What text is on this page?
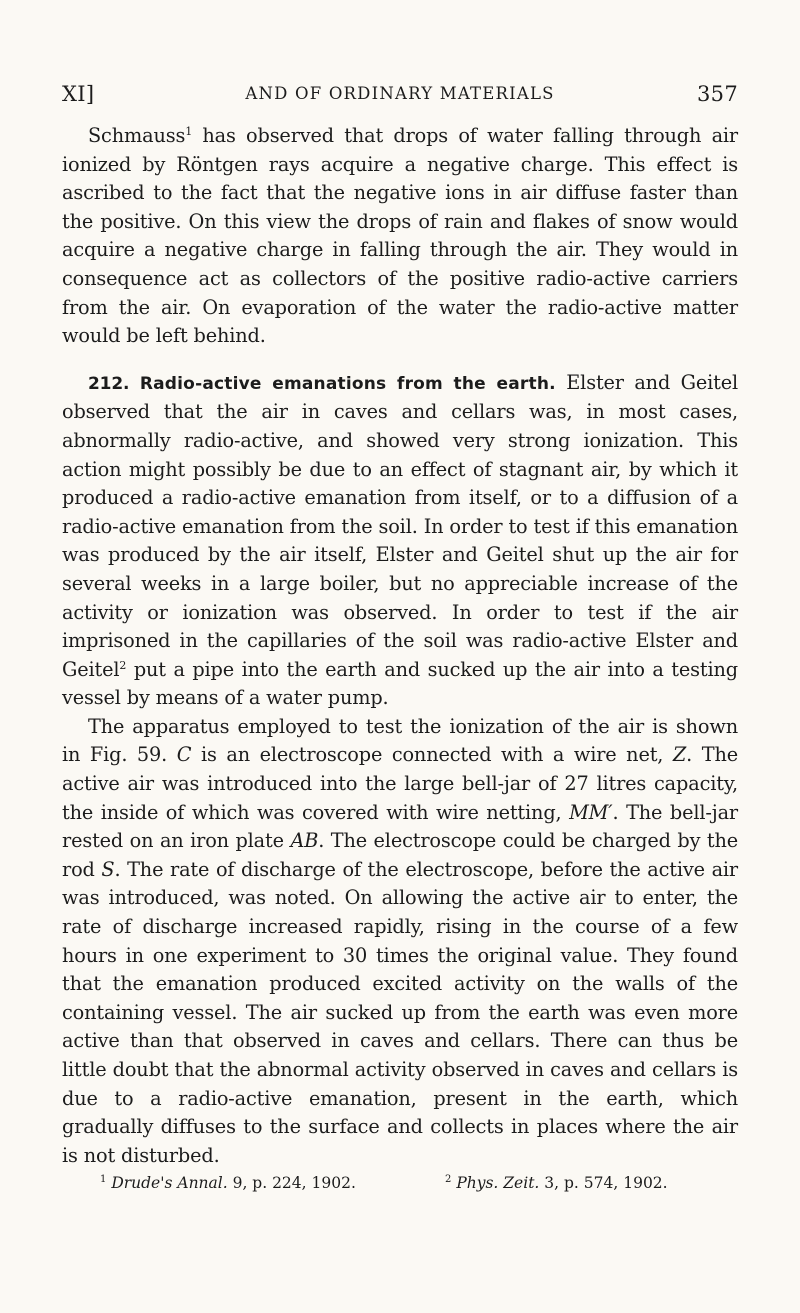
XI]	AND OF ORDINARY MATERIALS	357

Schmauss$^1$ has observed that drops of water falling through air ionized by Röntgen rays acquire a negative charge. This effect is ascribed to the fact that the negative ions in air diffuse faster than the positive. On this view the drops of rain and flakes of snow would acquire a negative charge in falling through the air. They would in consequence act as collectors of the positive radio-active carriers from the air. On evaporation of the water the radio-active matter would be left behind.

212. Radio-active emanations from the earth. Elster and Geitel observed that the air in caves and cellars was, in most cases, abnormally radio-active, and showed very strong ionization. This action might possibly be due to an effect of stagnant air, by which it produced a radio-active emanation from itself, or to a diffusion of a radio-active emanation from the soil. In order to test if this emanation was produced by the air itself, Elster and Geitel shut up the air for several weeks in a large boiler, but no appreciable increase of the activity or ionization was observed. In order to test if the air imprisoned in the capillaries of the soil was radio-active Elster and Geitel$^2$ put a pipe into the earth and sucked up the air into a testing vessel by means of a water pump.

The apparatus employed to test the ionization of the air is shown in Fig. 59. C is an electroscope connected with a wire net, Z. The active air was introduced into the large bell-jar of 27 litres capacity, the inside of which was covered with wire netting, MM′. The bell-jar rested on an iron plate AB. The electroscope could be charged by the rod S. The rate of discharge of the electroscope, before the active air was introduced, was noted. On allowing the active air to enter, the rate of discharge increased rapidly, rising in the course of a few hours in one experiment to 30 times the original value. They found that the emanation produced excited activity on the walls of the containing vessel. The air sucked up from the earth was even more active than that observed in caves and cellars. There can thus be little doubt that the abnormal activity observed in caves and cellars is due to a radio-active emanation, present in the earth, which gradually diffuses to the surface and collects in places where the air is not disturbed.

$^1$ Drude's Annal. 9, p. 224, 1902.	$^2$ Phys. Zeit. 3, p. 574, 1902.
